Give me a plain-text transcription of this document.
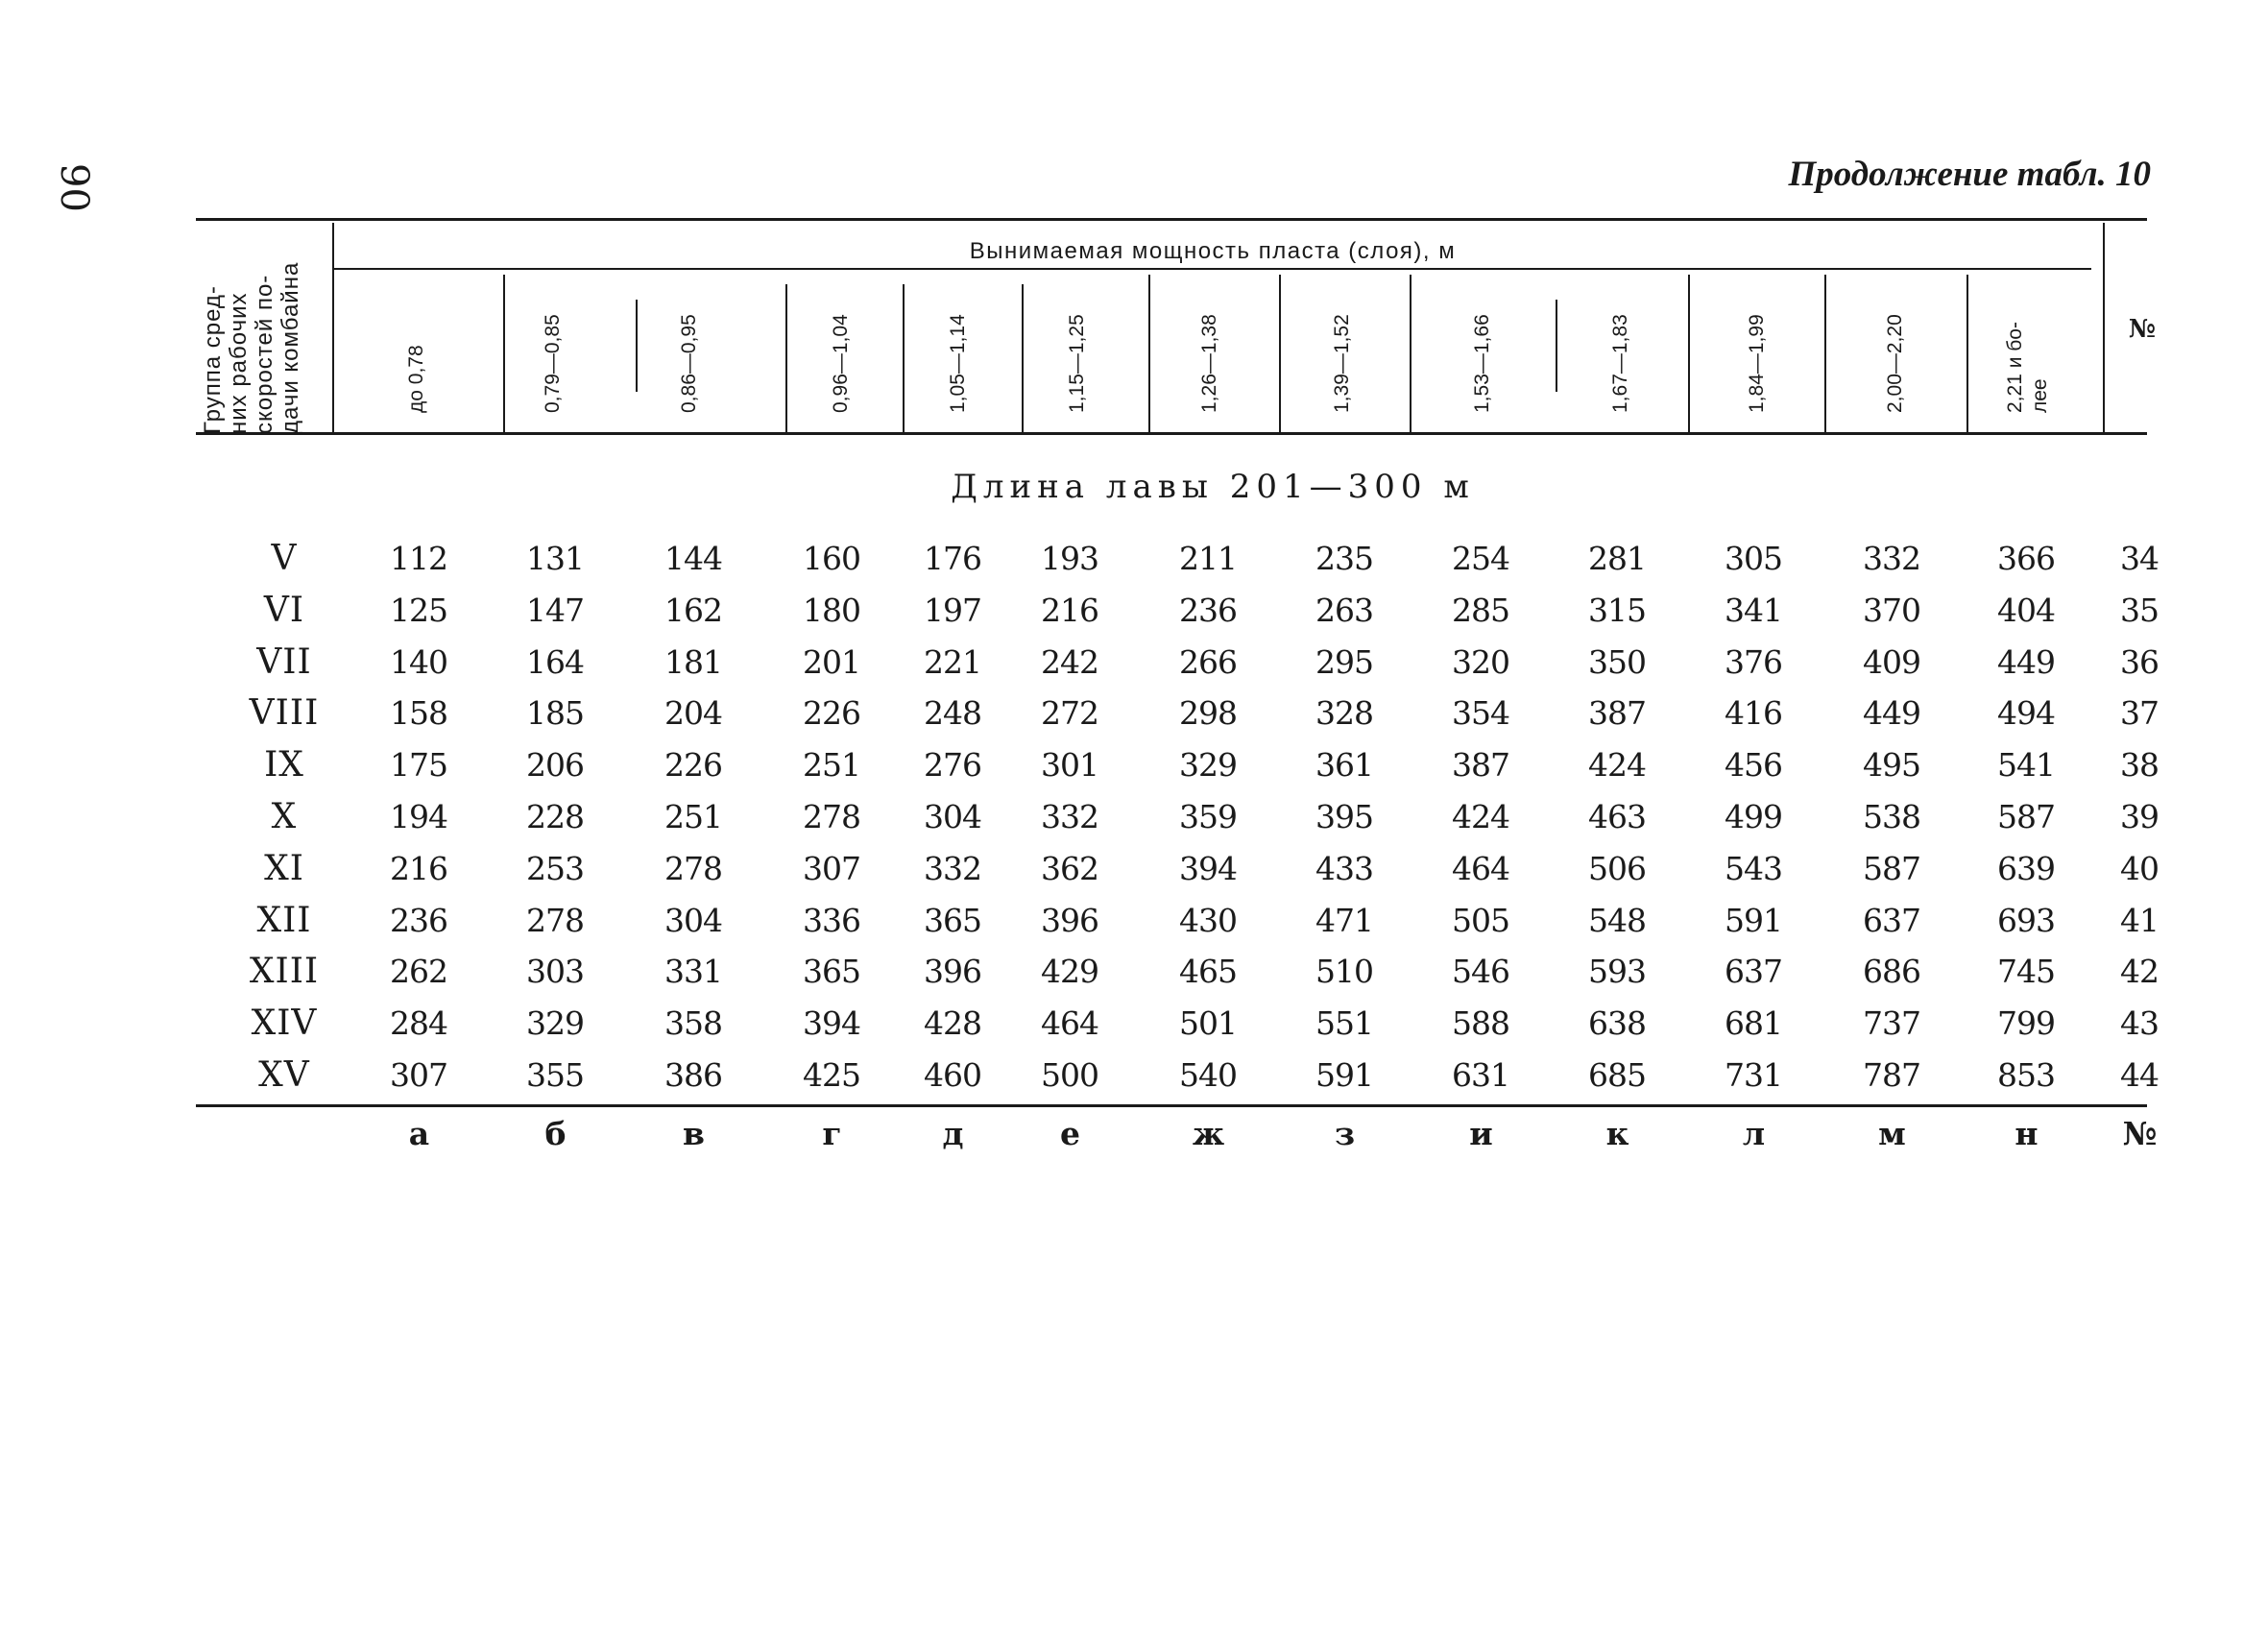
90	Продолжение табл. 10
Группа сред- них рабочих скоростей по- дачи комбайна
Вынимаемая мощность пласта (слоя), м
до 0,78	0,79—0,85	0,86—0,95	0,96—1,04	1,05—1,14	1,15—1,25	1,26—1,38	1,39—1,52	1,53—1,66	1,67—1,83	1,84—1,99	2,00—2,20	2,21 и бо- лее
№
Длина лавы 201—300 м
V	112 131	144	160 176 193	211 235 254 281 305	332 366 34
VI	125 147	162	180 197 216	236 263 285 315 341	370 404 35
VII 140 164	181	201 221 242	266 295 320 350 376	409 449 36
VIII 158 185	204	226 248 272	298 328 354 387 416	449 494 37
IX	175 206	226	251 276 301	329 361 387 424 456	495 541 38
X	194 228	251	278 304 332	359 395 424 463 499	538 587 39
XI	216 253	278	307 332 362	394 433 464 506 543	587 639 40
XII 236 278	304	336 365 396	430 471 505 548 591	637 693 41
XIII 262 303	331	365 396 429	465 510 546 593 637	686 745 42
XIV 284 329	358	394 428 464	501 551 588 638 681	737 799 43
XV	307 355	386	425 460 500	540 591 631 685 731	787 853 44
а	б	в	г	д	е	ж	з	и	к	л	м	н	№
